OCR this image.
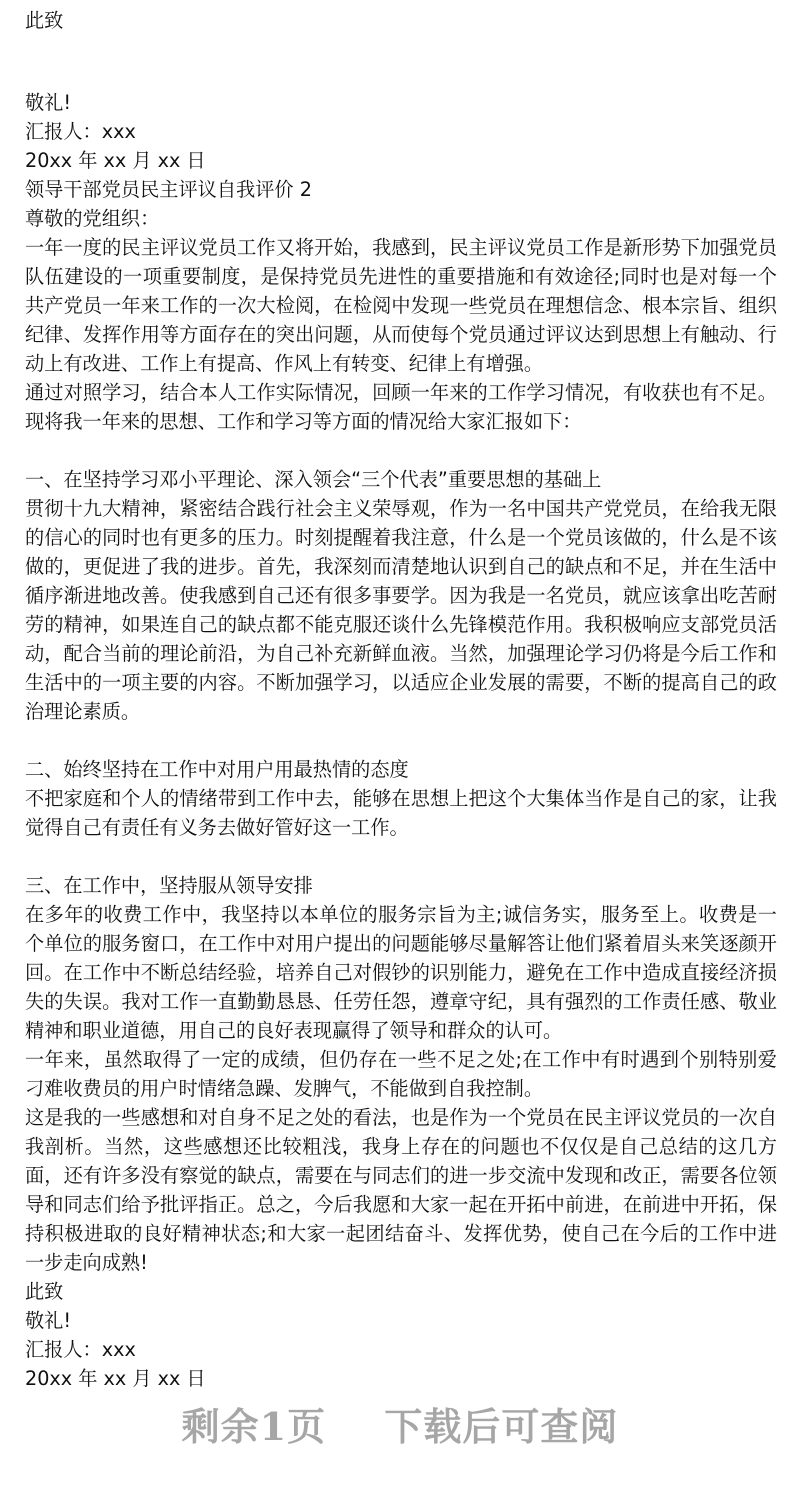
此致

敬礼!

汇报人：xxx

20xx 年 xx 月 xx 日

领导干部党员民主评议自我评价 2

尊敬的党组织：

一年一度的民主评议党员工作又将开始，我感到，民主评议党员工作是新形势下加强党员队伍建设的一项重要制度，是保持党员先进性的重要措施和有效途径;同时也是对每一个共产党员一年来工作的一次大检阅，在检阅中发现一些党员在理想信念、根本宗旨、组织纪律、发挥作用等方面存在的突出问题，从而使每个党员通过评议达到思想上有触动、行动上有改进、工作上有提高、作风上有转变、纪律上有增强。

通过对照学习，结合本人工作实际情况，回顾一年来的工作学习情况，有收获也有不足。现将我一年来的思想、工作和学习等方面的情况给大家汇报如下：

一、在坚持学习邓小平理论、深入领会“三个代表”重要思想的基础上

贯彻十九大精神，紧密结合践行社会主义荣辱观，作为一名中国共产党党员，在给我无限的信心的同时也有更多的压力。时刻提醒着我注意，什么是一个党员该做的，什么是不该做的，更促进了我的进步。首先，我深刻而清楚地认识到自己的缺点和不足，并在生活中循序渐进地改善。使我感到自己还有很多事要学。因为我是一名党员，就应该拿出吃苦耐劳的精神，如果连自己的缺点都不能克服还谈什么先锋模范作用。我积极响应支部党员活动，配合当前的理论前沿，为自己补充新鲜血液。当然，加强理论学习仍将是今后工作和生活中的一项主要的内容。不断加强学习，以适应企业发展的需要，不断的提高自己的政治理论素质。

二、始终坚持在工作中对用户用最热情的态度

不把家庭和个人的情绪带到工作中去，能够在思想上把这个大集体当作是自己的家，让我觉得自己有责任有义务去做好管好这一工作。

三、在工作中，坚持服从领导安排

在多年的收费工作中，我坚持以本单位的服务宗旨为主;诚信务实，服务至上。收费是一个单位的服务窗口，在工作中对用户提出的问题能够尽量解答让他们紧着眉头来笑逐颜开回。在工作中不断总结经验，培养自己对假钞的识别能力，避免在工作中造成直接经济损失的失误。我对工作一直勤勤恳恳、任劳任怨，遵章守纪，具有强烈的工作责任感、敬业精神和职业道德，用自己的良好表现赢得了领导和群众的认可。

一年来，虽然取得了一定的成绩，但仍存在一些不足之处;在工作中有时遇到个别特别爱刁难收费员的用户时情绪急躁、发脾气，不能做到自我控制。

这是我的一些感想和对自身不足之处的看法，也是作为一个党员在民主评议党员的一次自我剖析。当然，这些感想还比较粗浅，我身上存在的问题也不仅仅是自己总结的这几方面，还有许多没有察觉的缺点，需要在与同志们的进一步交流中发现和改正，需要各位领导和同志们给予批评指正。总之，今后我愿和大家一起在开拓中前进，在前进中开拓，保持积极进取的良好精神状态;和大家一起团结奋斗、发挥优势，使自己在今后的工作中进一步走向成熟!

此致

敬礼!

汇报人：xxx

20xx 年 xx 月 xx 日

剩余1页 下载后可查阅
